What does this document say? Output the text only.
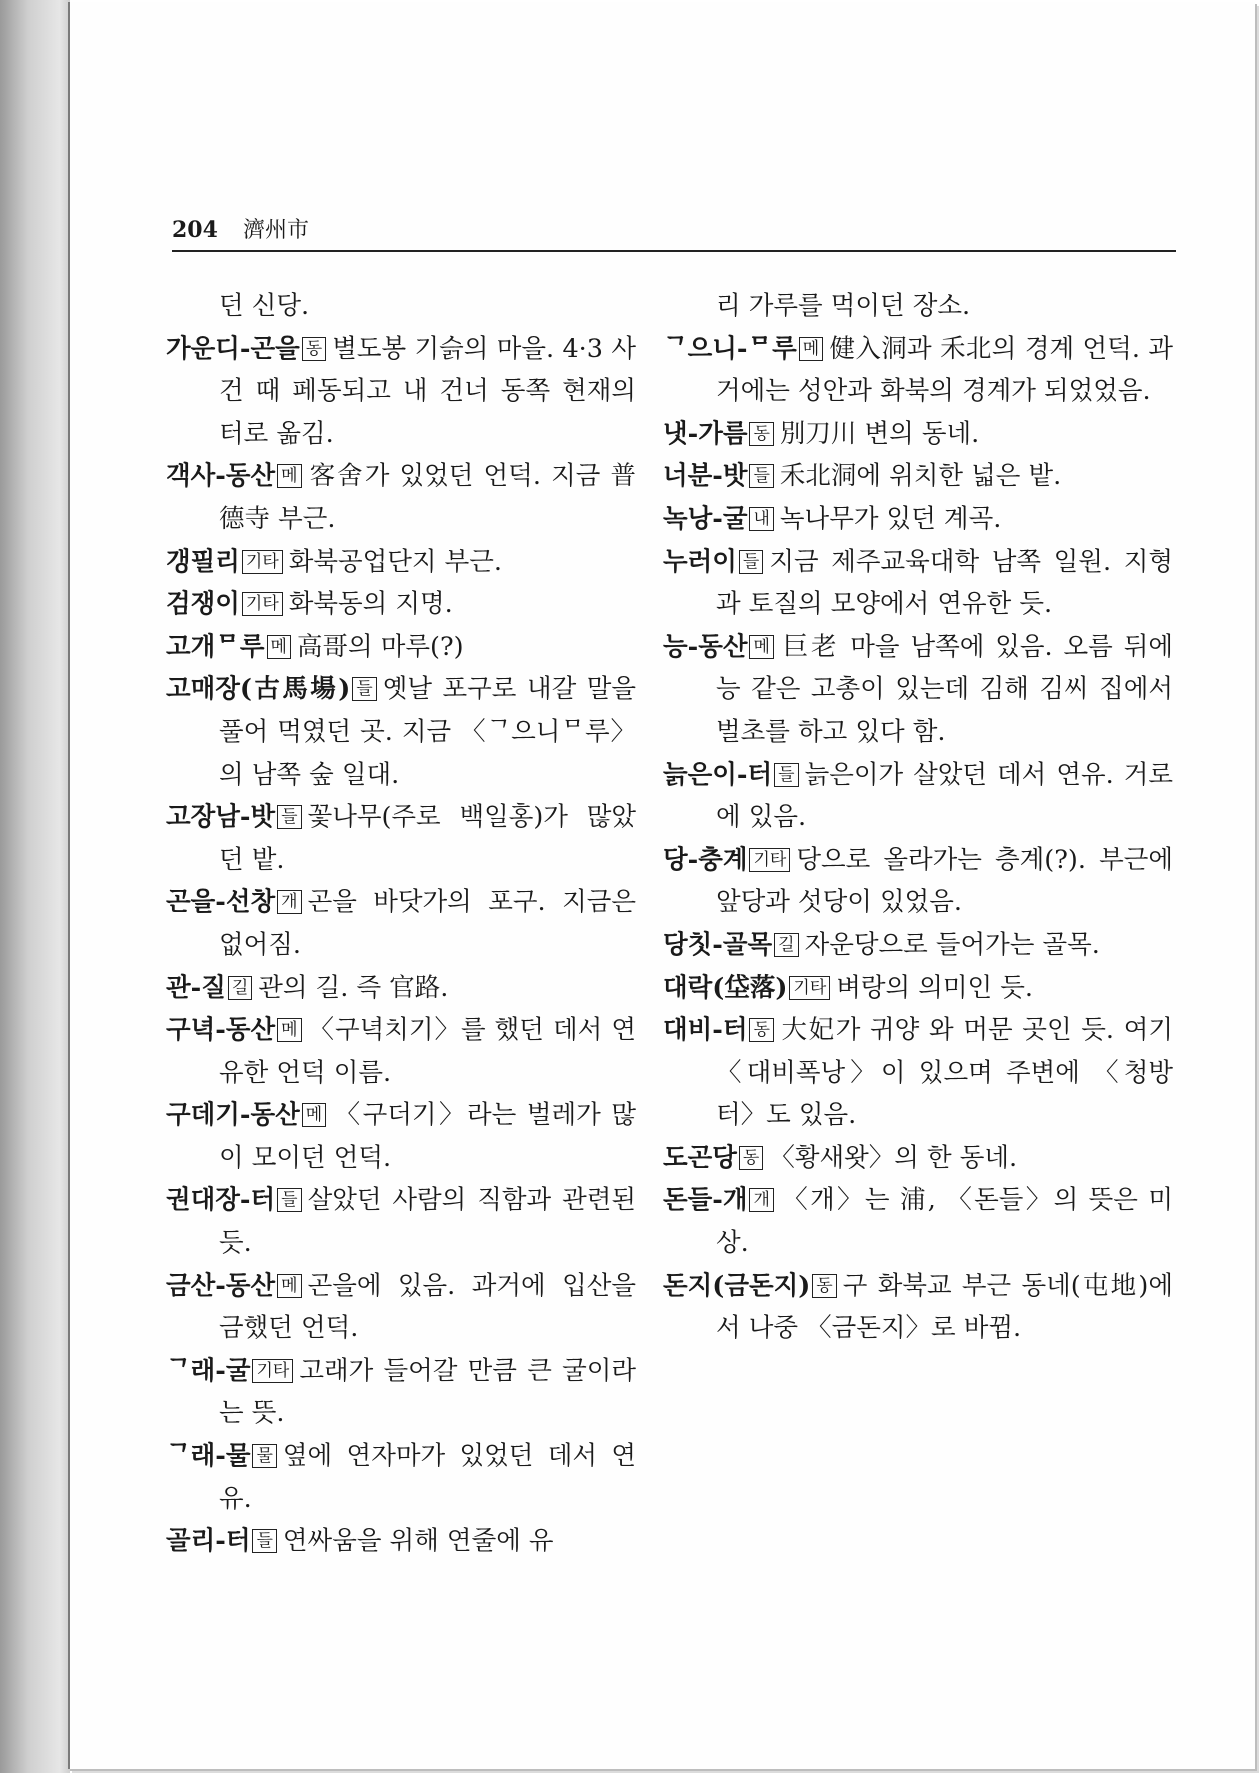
204 濟州市
던 신당.
가운디-곤을 동 별도봉 기슭의 마을. 4·3 사건 때 페동되고 내 건너 동쪽 현재의 터로 옮김.
객사-동산 메 客舍가 있었던 언덕. 지금 普德寺 부근.
갱필리 기타 화북공업단지 부근.
검쟁이 기타 화북동의 지명.
고개ᄆ루 메 高哥의 마루(?)
고매장(古馬場) 들 옛날 포구로 내갈 말을 풀어 먹였던 곳. 지금 〈ᄀ으니ᄆ루〉의 남쪽 숲 일대.
고장남-밧 들 꽃나무(주로 백일홍)가 많았던 밭.
곤을-선창 개 곤을 바닷가의 포구. 지금은 없어짐.
관-질 길 관의 길. 즉 官路.
구녁-동산 메 〈구녁치기〉를 했던 데서 연유한 언덕 이름.
구데기-동산 메 〈구더기〉라는 벌레가 많이 모이던 언덕.
권대장-터 들 살았던 사람의 직함과 관련된 듯.
금산-동산 메 곤을에 있음. 과거에 입산을 금했던 언덕.
ᄀ래-굴 기타 고래가 들어갈 만큼 큰 굴이라는 뜻.
ᄀ래-물 물 옆에 연자마가 있었던 데서 연유.
골리-터 들 연싸움을 위해 연줄에 유
리 가루를 먹이던 장소.
ᄀ으니-ᄆ루 메 健入洞과 禾北의 경계 언덕. 과거에는 성안과 화북의 경계가 되었었음.
냇-가름 동 別刀川 변의 동네.
너분-밧 들 禾北洞에 위치한 넓은 밭.
녹낭-굴 내 녹나무가 있던 계곡.
누러이 들 지금 제주교육대학 남쪽 일원. 지형과 토질의 모양에서 연유한 듯.
능-동산 메 巨老 마을 남쪽에 있음. 오름 뒤에 능 같은 고총이 있는데 김해 김씨 집에서 벌초를 하고 있다 함.
늙은이-터 들 늙은이가 살았던 데서 연유. 거로에 있음.
당-충계 기타 당으로 올라가는 층계(?). 부근에 앞당과 섯당이 있었음.
당칫-골목 길 자운당으로 들어가는 골목.
대락(垈落) 기타 벼랑의 의미인 듯.
대비-터 동 大妃가 귀양 와 머문 곳인 듯. 여기 〈대비폭낭〉이 있으며 주변에 〈청방터〉도 있음.
도곤당 동 〈황새왓〉의 한 동네.
돈들-개 개 〈개〉는 浦, 〈돈들〉의 뜻은 미상.
돈지(금돈지) 동 구 화북교 부근 동네(屯地)에서 나중 〈금돈지〉로 바뀜.
